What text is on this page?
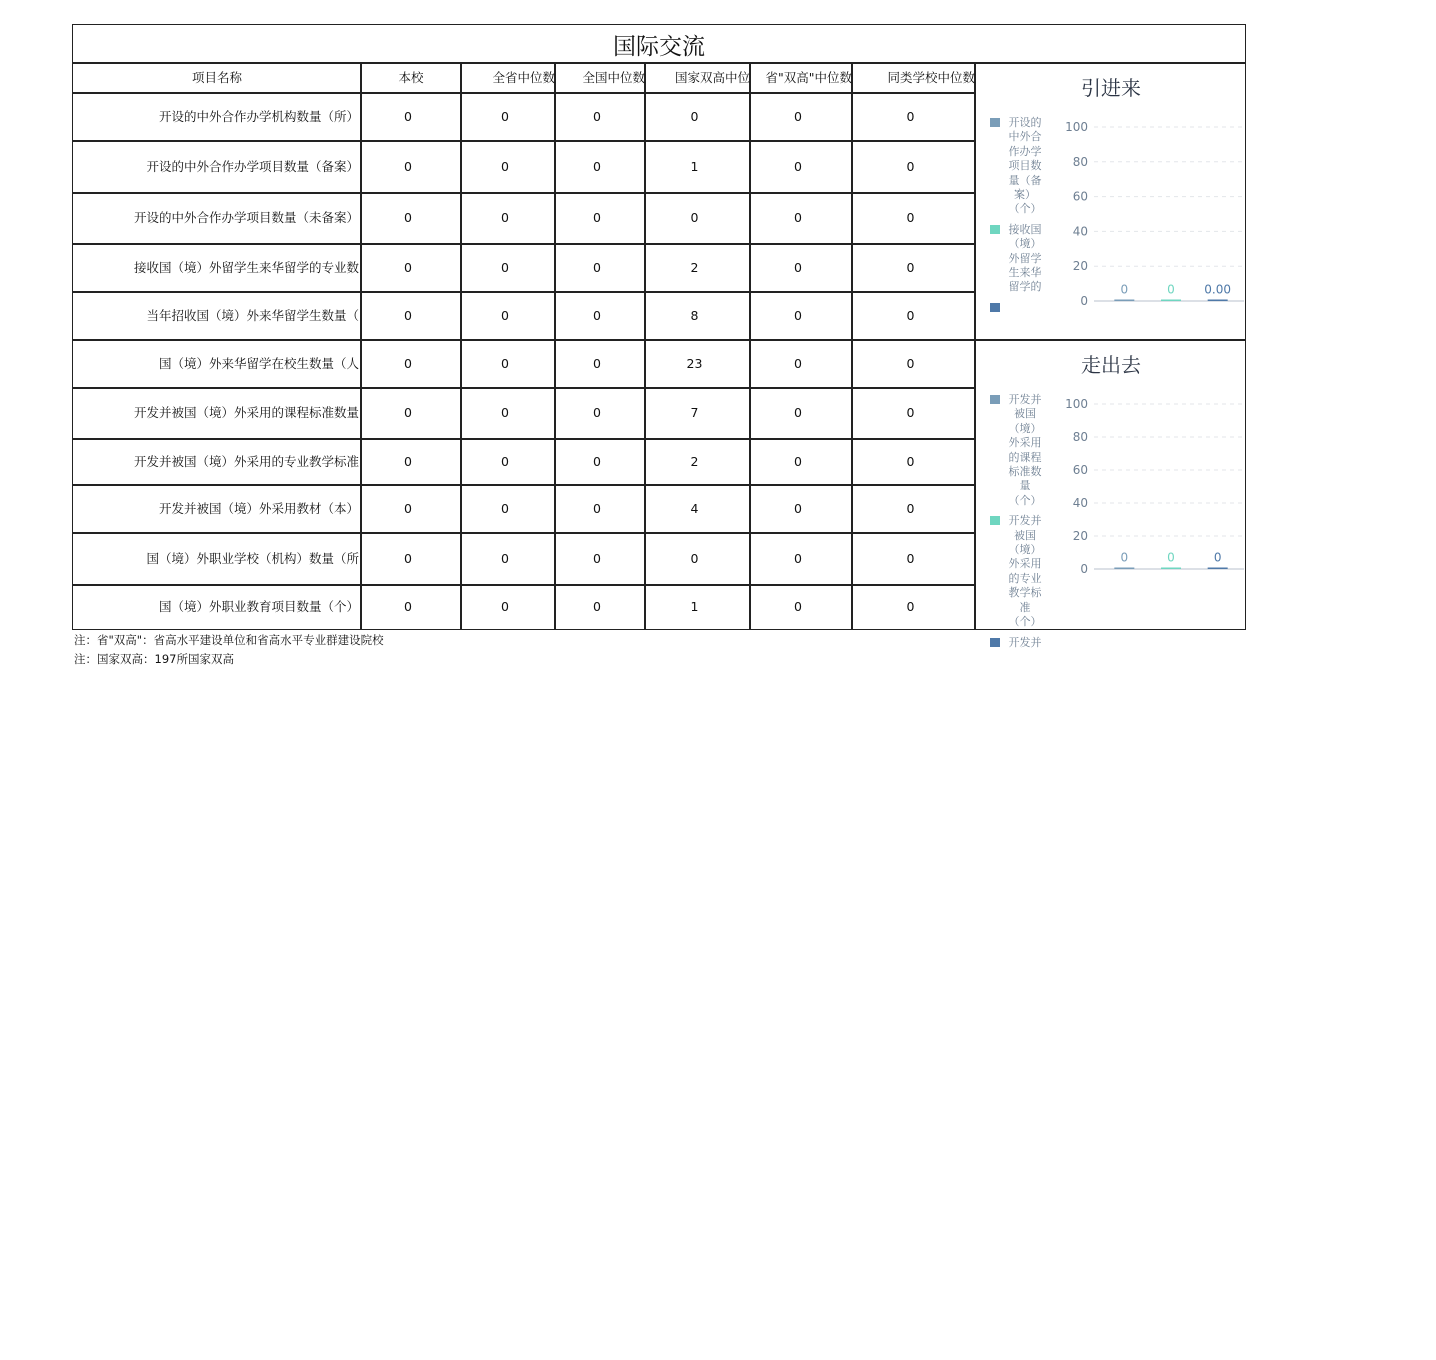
国际交流
0
20
40
60
80
100
0	0 0.00
引进来
开设的中外合作办学项目数量（备案）（个）
接收国（境）外留学生来华留学的
0
20
40
60
80
100
0	0	0
走出去
开发并被国（境）外采用的课程标准数量（个）
开发并被国（境）外采用的专业教学标准（个）
开发并
项目名称	本校	全省中位数	全国中位数	国家双高中位	省"双高"中位数	同类学校中位数
开设的中外合作办学机构数量（所）	0	0	0	0	0	0
开设的中外合作办学项目数量（备案）	0	0	0	1	0	0
开设的中外合作办学项目数量（未备案）	0	0	0	0	0	0
接收国（境）外留学生来华留学的专业数	0	0	0	2	0	0
当年招收国（境）外来华留学生数量（	0	0	0	8	0	0
国（境）外来华留学在校生数量（人	0	0	0	23	0	0
开发并被国（境）外采用的课程标准数量	0	0	0	7	0	0
开发并被国（境）外采用的专业教学标准	0	0	0	2	0	0
开发并被国（境）外采用教材（本）	0	0	0	4	0	0
国（境）外职业学校（机构）数量（所	0	0	0	0	0	0
国（境）外职业教育项目数量（个）	0	0	0	1	0	0
注：省"双高"：省高水平建设单位和省高水平专业群建设院校
注：国家双高：197所国家双高
